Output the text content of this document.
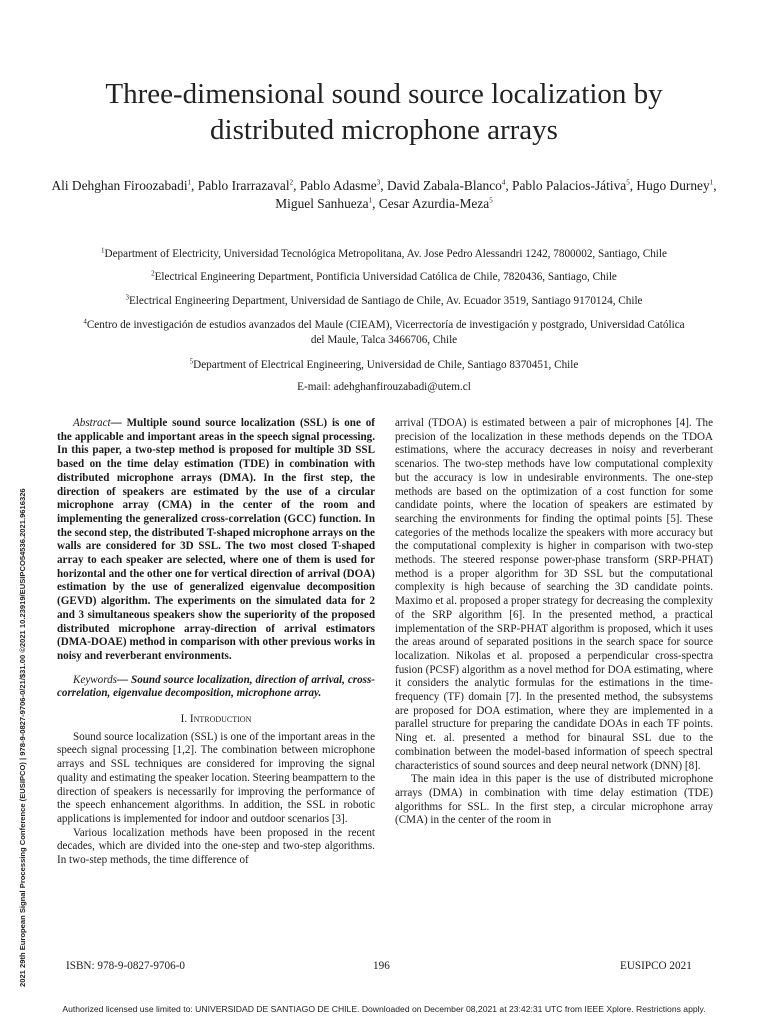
Three-dimensional sound source localization by
distributed microphone arrays
Ali Dehghan Firoozabadi$^1$, Pablo Irarrazaval$^2$, Pablo Adasme$^3$, David Zabala-Blanco$^4$, Pablo Palacios-Játiva$^5$, Hugo Durney$^1$, Miguel Sanhueza$^1$, Cesar Azurdia-Meza$^5$
$^1$Department of Electricity, Universidad Tecnológica Metropolitana, Av. Jose Pedro Alessandri 1242, 7800002, Santiago, Chile
$^2$Electrical Engineering Department, Pontificia Universidad Católica de Chile, 7820436, Santiago, Chile
$^3$Electrical Engineering Department, Universidad de Santiago de Chile, Av. Ecuador 3519, Santiago 9170124, Chile
$^4$Centro de investigación de estudios avanzados del Maule (CIEAM), Vicerrectoría de investigación y postgrado, Universidad Católica del Maule, Talca 3466706, Chile
$^5$Department of Electrical Engineering, Universidad de Chile, Santiago 8370451, Chile
E-mail: adehghanfirouzabadi@utem.cl

Abstract— Multiple sound source localization (SSL) is one of the applicable and important areas in the speech signal processing. In this paper, a two-step method is proposed for multiple 3D SSL based on the time delay estimation (TDE) in combination with distributed microphone arrays (DMA). In the first step, the direction of speakers are estimated by the use of a circular microphone array (CMA) in the center of the room and implementing the generalized cross-correlation (GCC) function. In the second step, the distributed T-shaped microphone arrays on the walls are considered for 3D SSL. The two most closed T-shaped array to each speaker are selected, where one of them is used for horizontal and the other one for vertical direction of arrival (DOA) estimation by the use of generalized eigenvalue decomposition (GEVD) algorithm. The experiments on the simulated data for 2 and 3 simultaneous speakers show the superiority of the proposed distributed microphone array-direction of arrival estimators (DMA-DOAE) method in comparison with other previous works in noisy and reverberant environments.

Keywords— Sound source localization, direction of arrival, cross-correlation, eigenvalue decomposition, microphone array.

I. Introduction

Sound source localization (SSL) is one of the important areas in the speech signal processing [1,2]. The combination between microphone arrays and SSL techniques are considered for improving the signal quality and estimating the speaker location. Steering beampattern to the direction of speakers is necessarily for improving the performance of the speech enhancement algorithms. In addition, the SSL in robotic applications is implemented for indoor and outdoor scenarios [3].

Various localization methods have been proposed in the recent decades, which are divided into the one-step and two-step algorithms. In two-step methods, the time difference of

arrival (TDOA) is estimated between a pair of microphones [4]. The precision of the localization in these methods depends on the TDOA estimations, where the accuracy decreases in noisy and reverberant scenarios. The two-step methods have low computational complexity but the accuracy is low in undesirable environments. The one-step methods are based on the optimization of a cost function for some candidate points, where the location of speakers are estimated by searching the environments for finding the optimal points [5]. These categories of the methods localize the speakers with more accuracy but the computational complexity is higher in comparison with two-step methods. The steered response power-phase transform (SRP-PHAT) method is a proper algorithm for 3D SSL but the computational complexity is high because of searching the 3D candidate points. Maximo et al. proposed a proper strategy for decreasing the complexity of the SRP algorithm [6]. In the presented method, a practical implementation of the SRP-PHAT algorithm is proposed, which it uses the areas around of separated positions in the search space for source localization. Nikolas et al. proposed a perpendicular cross-spectra fusion (PCSF) algorithm as a novel method for DOA estimating, where it considers the analytic formulas for the estimations in the time-frequency (TF) domain [7]. In the presented method, the subsystems are proposed for DOA estimation, where they are implemented in a parallel structure for preparing the candidate DOAs in each TF points. Ning et. al. presented a method for binaural SSL due to the combination between the model-based information of speech spectral characteristics of sound sources and deep neural network (DNN) [8].

The main idea in this paper is the use of distributed microphone arrays (DMA) in combination with time delay estimation (TDE) algorithms for SSL. In the first step, a circular microphone array (CMA) in the center of the room in

ISBN: 978-9-0827-9706-0	196	EUSIPCO 2021
Authorized licensed use limited to: UNIVERSIDAD DE SANTIAGO DE CHILE. Downloaded on December 08,2021 at 23:42:31 UTC from IEEE Xplore. Restrictions apply.
2021 29th European Signal Processing Conference (EUSIPCO) | 978-9-0827-9706-0/21/$31.00 ©2021 10.23919/EUSIPCO54536.2021.9616326
